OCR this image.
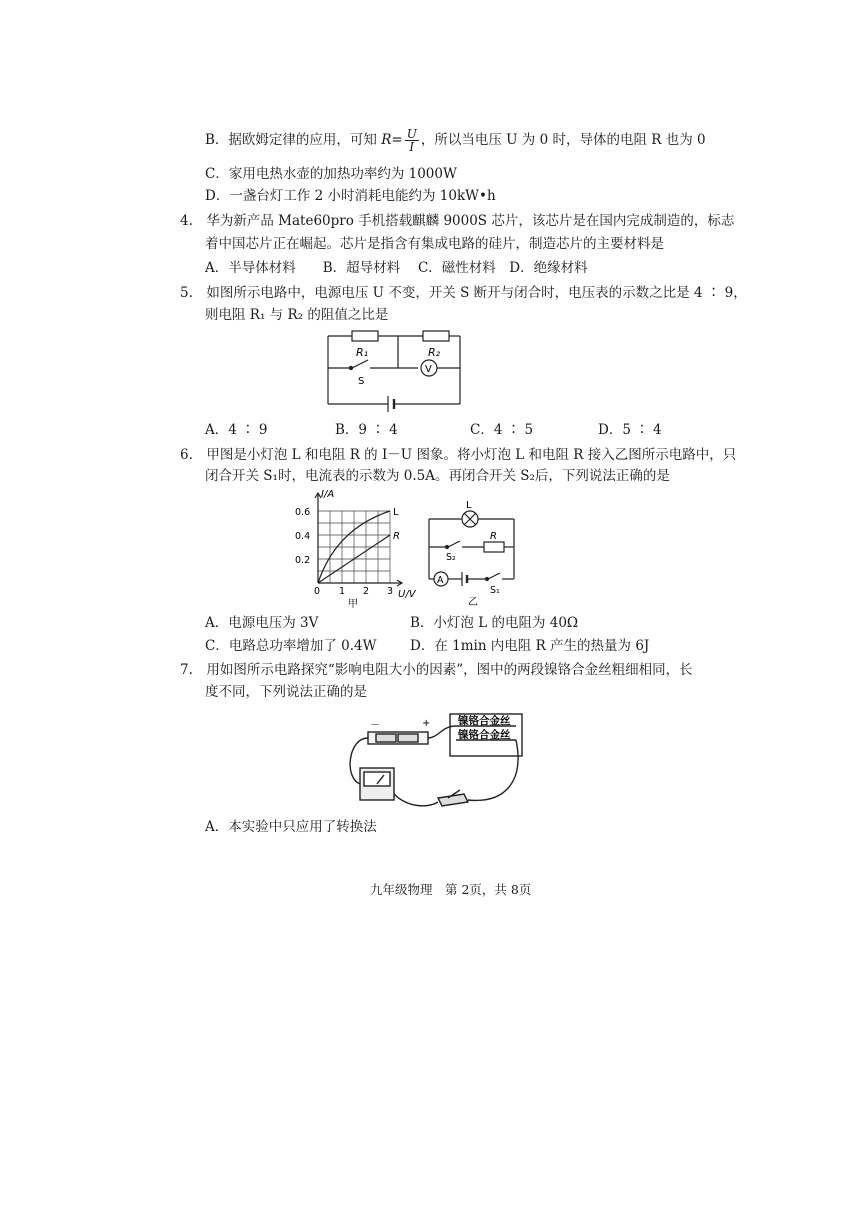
B．据欧姆定律的应用，可知 $R= \frac{U}{I}$ ，所以当电压 U 为 0 时，导体的电阻 R 也为 0
C．家用电热水壶的加热功率约为 1000W
D．一盏台灯工作 2 小时消耗电能约为 10kW•h
4.　华为新产品 Mate60pro 手机搭载麒麟 9000S 芯片，该芯片是在国内完成制造的，标志
着中国芯片正在崛起。芯片是指含有集成电路的硅片，制造芯片的主要材料是
A．半导体材料　　B．超导材料　 C．磁性材料　D．绝缘材料
5.　如图所示电路中，电源电压 U 不变，开关 S 断开与闭合时，电压表的示数之比是 4 ∶ 9，
则电阻 R₁ 与 R₂ 的阻值之比是
R₁	R₂
S
V
A．4 ∶ 9	B．9 ∶ 4	C．4 ∶ 5	D．5 ∶ 4
6.　甲图是小灯泡 L 和电阻 R 的 I－U 图象。将小灯泡 L 和电阻 R 接入乙图所示电路中，只
闭合开关 S₁时，电流表的示数为 0.5A。再闭合开关 S₂后，下列说法正确的是
I/A
U/V
0.6
0.4
0.2
0 1 2 3
L
R
甲
L
S₂
R
A
S₁
乙
A．电源电压为 3V	B．小灯泡 L 的电阻为 40Ω
C．电路总功率增加了 0.4W D．在 1min 内电阻 R 产生的热量为 6J
7.　用如图所示电路探究“影响电阻大小的因素”，图中的两段镍铬合金丝粗细相同，长
度不同，下列说法正确的是
－	+	镍铬合金丝
镍铬合金丝
A．本实验中只应用了转换法
九年级物理　第 2页，共 8页
